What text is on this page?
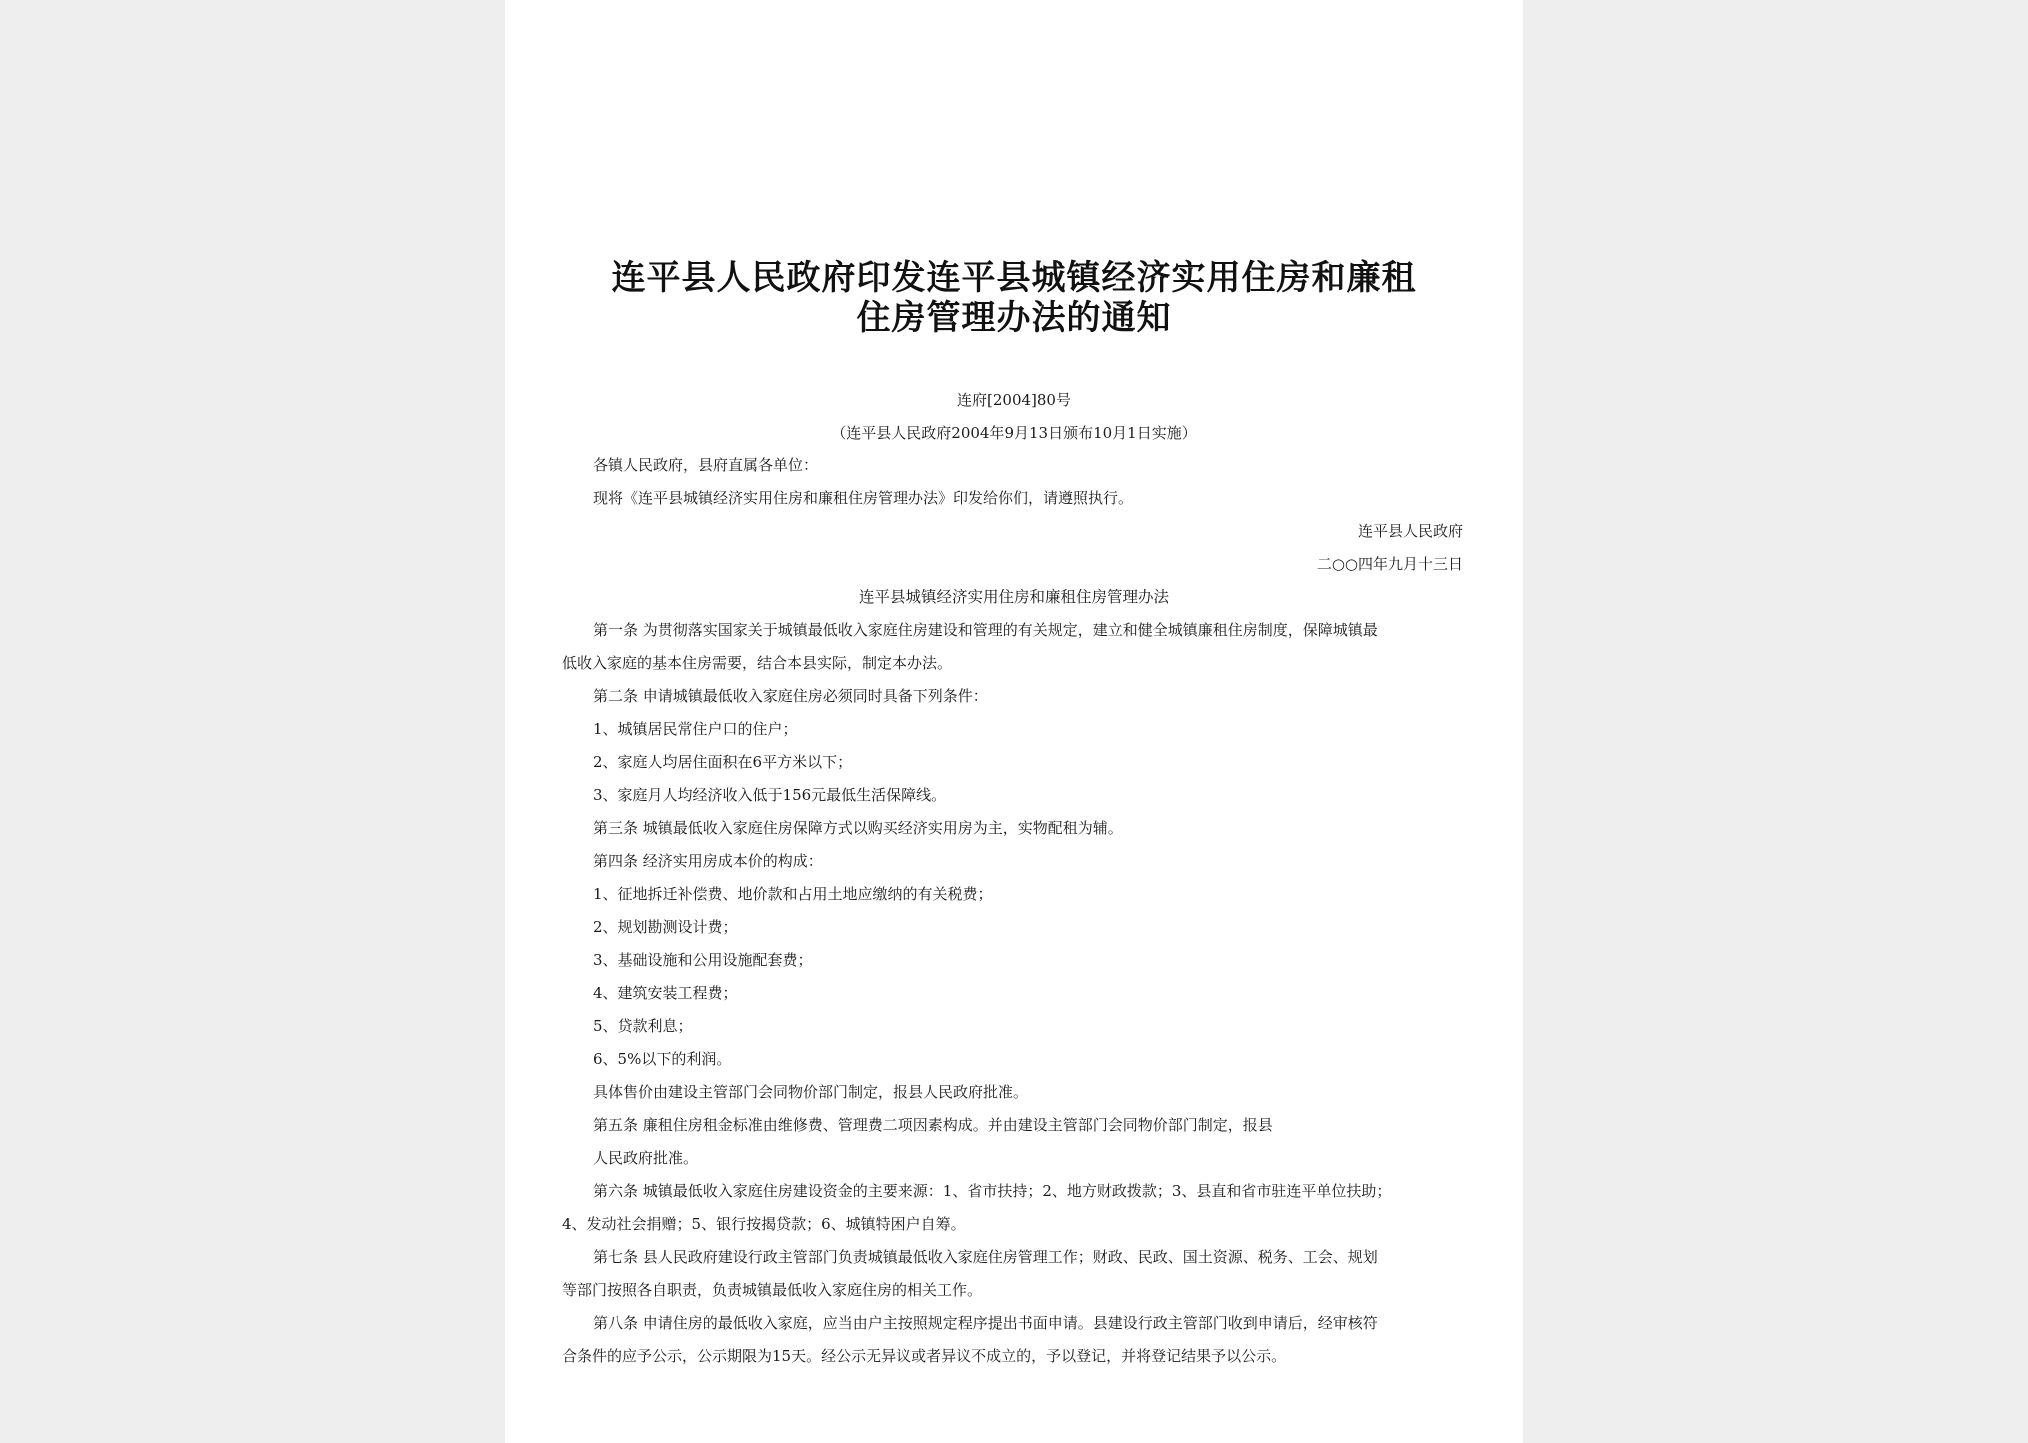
连平县人民政府印发连平县城镇经济实用住房和廉租
住房管理办法的通知
连府[2004]80号
（连平县人民政府2004年9月13日颁布10月1日实施）
各镇人民政府，县府直属各单位：
现将《连平县城镇经济实用住房和廉租住房管理办法》印发给你们，请遵照执行。
连平县人民政府
二○○四年九月十三日
连平县城镇经济实用住房和廉租住房管理办法
第一条 为贯彻落实国家关于城镇最低收入家庭住房建设和管理的有关规定，建立和健全城镇廉租住房制度，保障城镇最
低收入家庭的基本住房需要，结合本县实际，制定本办法。
第二条 申请城镇最低收入家庭住房必须同时具备下列条件：
1、城镇居民常住户口的住户；
2、家庭人均居住面积在6平方米以下；
3、家庭月人均经济收入低于156元最低生活保障线。
第三条 城镇最低收入家庭住房保障方式以购买经济实用房为主，实物配租为辅。
第四条 经济实用房成本价的构成：
1、征地拆迁补偿费、地价款和占用土地应缴纳的有关税费；
2、规划勘测设计费；
3、基础设施和公用设施配套费；
4、建筑安装工程费；
5、贷款利息；
6、5%以下的利润。
具体售价由建设主管部门会同物价部门制定，报县人民政府批准。
第五条 廉租住房租金标准由维修费、管理费二项因素构成。并由建设主管部门会同物价部门制定，报县
人民政府批准。
第六条 城镇最低收入家庭住房建设资金的主要来源：1、省市扶持；2、地方财政拨款；3、县直和省市驻连平单位扶助；
4、发动社会捐赠；5、银行按揭贷款；6、城镇特困户自筹。
第七条 县人民政府建设行政主管部门负责城镇最低收入家庭住房管理工作；财政、民政、国土资源、税务、工会、规划
等部门按照各自职责，负责城镇最低收入家庭住房的相关工作。
第八条 申请住房的最低收入家庭，应当由户主按照规定程序提出书面申请。县建设行政主管部门收到申请后，经审核符
合条件的应予公示，公示期限为15天。经公示无异议或者异议不成立的，予以登记，并将登记结果予以公示。
